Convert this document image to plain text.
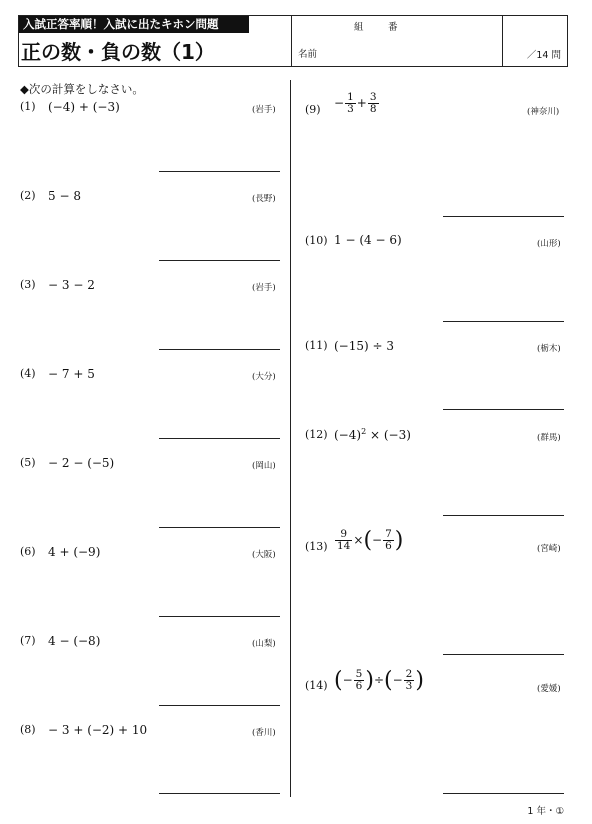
入試正答率順！入試に出たキホン問題
正の数・負の数（1）
組	番
名前	／14 問
◆次の計算をしなさい。
(1) (−4) + (−3)	(岩手)
(2) 5 − 8	(長野)
(3) − 3 − 2	(岩手)
(4) − 7 + 5	(大分)
(5) − 2 − (−5)	(岡山)
(6) 4 + (−9)	(大阪)
(7) 4 − (−8)	(山梨)
(8) − 3 + (−2) + 10	(香川)
$(9) - \frac{1}{3} + \frac{3}{8}$	(神奈川)
(10) 1 − (4 − 6)	(山形)
(11) (−15) ÷ 3	(栃木)
(12) $(-4)^2 \times (-3)$	(群馬)
$(13) \frac{9}{14}$ ×(− $\frac{7}{6}$ )	(宮崎)
(14) (− $\frac{5}{6}$ )÷(− $\frac{2}{3}$ )	(愛媛)
1 年・①
